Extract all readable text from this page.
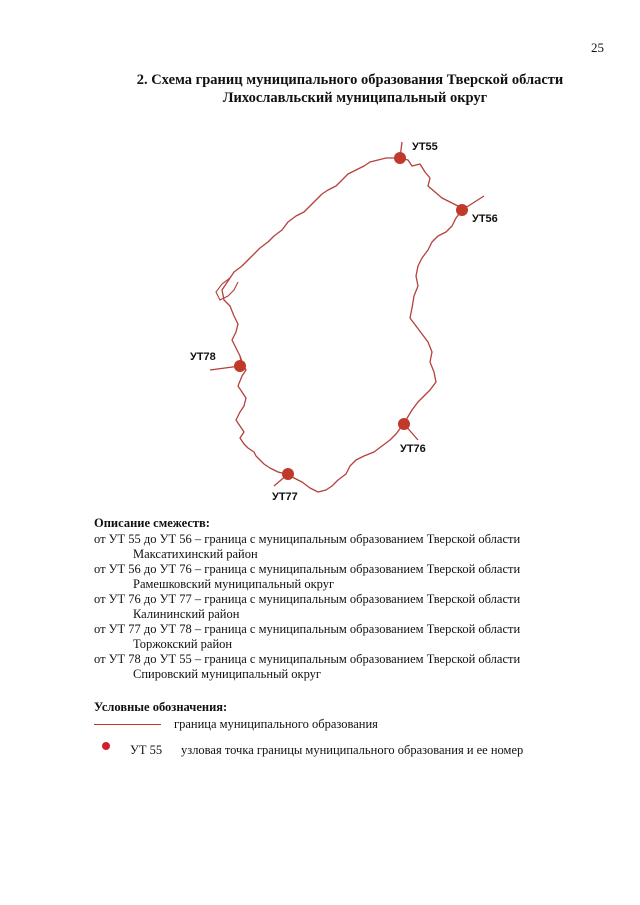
25
2. Схема границ муниципального образования Тверской области
Лихославльский муниципальный округ
УТ55
УТ56
УТ76
УТ77
УТ78
Описание смежеств:
от УТ 55 до УТ 56 – граница с муниципальным образованием Тверской области
Максатихинский район
от УТ 56 до УТ 76 – граница с муниципальным образованием Тверской области
Рамешковский муниципальный округ
от УТ 76 до УТ 77 – граница с муниципальным образованием Тверской области
Калининский район
от УТ 77 до УТ 78 – граница с муниципальным образованием Тверской области
Торжокский район
от УТ 78 до УТ 55 – граница с муниципальным образованием Тверской области
Спировский муниципальный округ
Условные обозначения:
граница муниципального образования
УТ 55	узловая точка границы муниципального образования и ее номер
